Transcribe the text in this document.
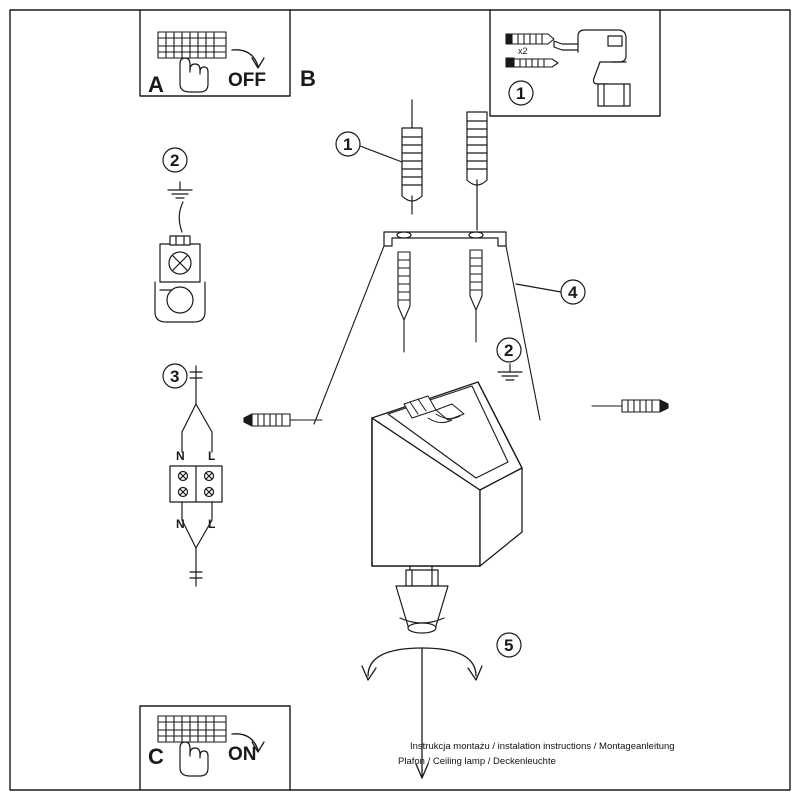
A	B
C
OFF
ON
x2
1
1
2
2
3
4
5
N L
N L
Instrukcja montażu / instalation instructions / Montageanleitung
Plafon / Ceiling lamp / Deckenleuchte
